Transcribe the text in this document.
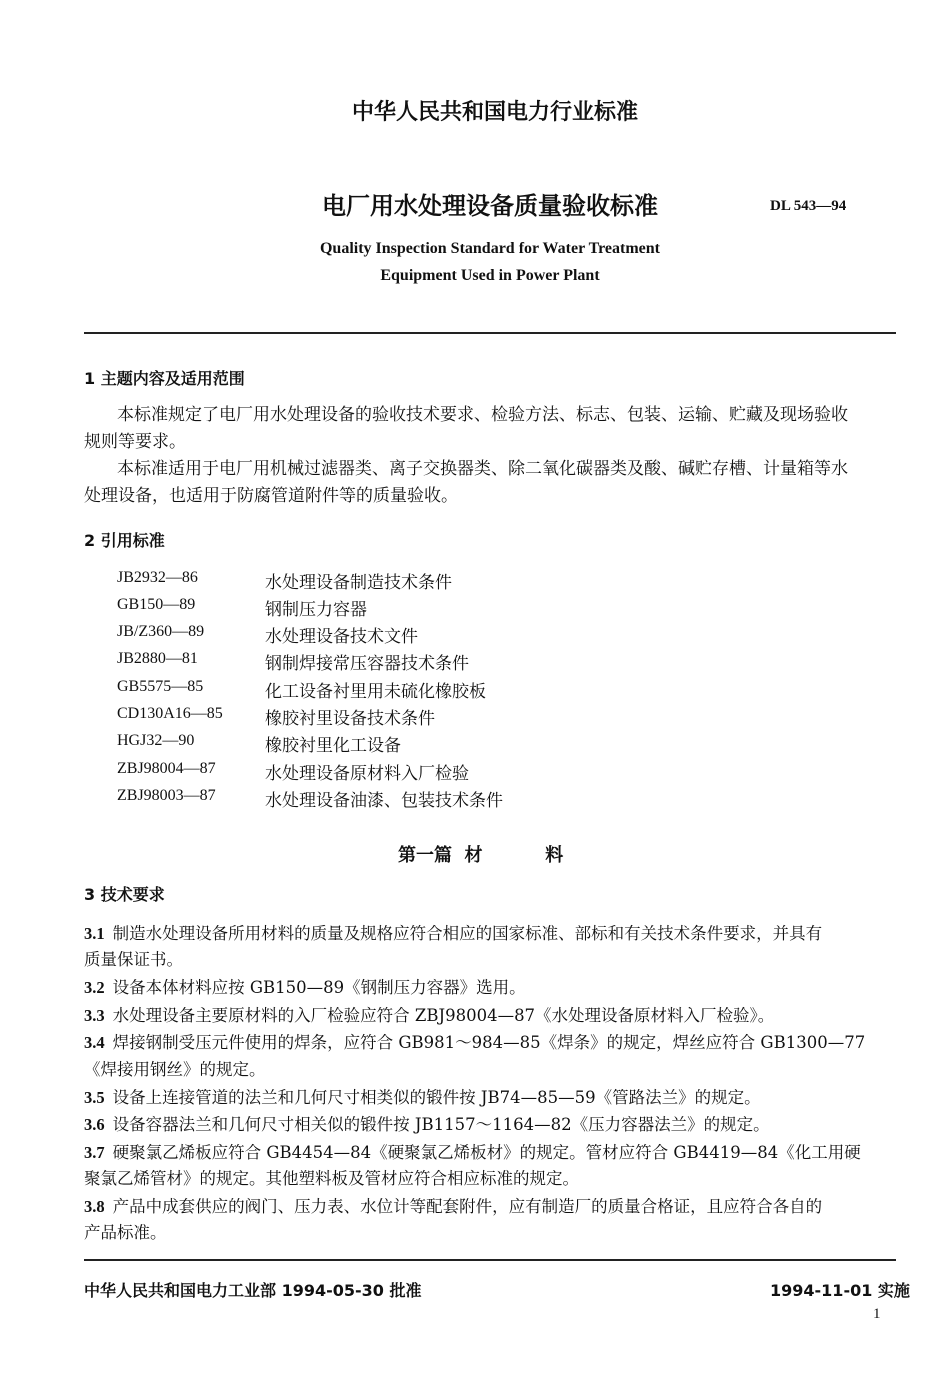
中华人民共和国电力行业标准
电厂用水处理设备质量验收标准	DL 543—94
Quality Inspection Standard for Water Treatment
Equipment Used in Power Plant
1 主题内容及适用范围
本标准规定了电厂用水处理设备的验收技术要求、检验方法、标志、包装、运输、贮藏及现场验收
规则等要求。
本标准适用于电厂用机械过滤器类、离子交换器类、除二氧化碳器类及酸、碱贮存槽、计量箱等水
处理设备，也适用于防腐管道附件等的质量验收。
2 引用标准
JB2932—86	水处理设备制造技术条件
GB150—89	钢制压力容器
JB/Z360—89	水处理设备技术文件
JB2880—81	钢制焊接常压容器技术条件
GB5575—85	化工设备衬里用未硫化橡胶板
CD130A16—85 橡胶衬里设备技术条件
HGJ32—90	橡胶衬里化工设备
ZBJ98004—87	水处理设备原材料入厂检验
ZBJ98003—87	水处理设备油漆、包装技术条件
第一篇  材          料
3 技术要求
3.1 制造水处理设备所用材料的质量及规格应符合相应的国家标准、部标和有关技术条件要求，并具有
质量保证书。
3.2 设备本体材料应按 GB150—89《钢制压力容器》选用。
3.3 水处理设备主要原材料的入厂检验应符合 ZBJ98004—87《水处理设备原材料入厂检验》。
3.4 焊接钢制受压元件使用的焊条，应符合 GB981～984—85《焊条》的规定，焊丝应符合 GB1300—77
《焊接用钢丝》的规定。
3.5 设备上连接管道的法兰和几何尺寸相类似的锻件按 JB74—85—59《管路法兰》的规定。
3.6 设备容器法兰和几何尺寸相关似的锻件按 JB1157～1164—82《压力容器法兰》的规定。
3.7 硬聚氯乙烯板应符合 GB4454—84《硬聚氯乙烯板材》的规定。管材应符合 GB4419—84《化工用硬
聚氯乙烯管材》的规定。其他塑料板及管材应符合相应标准的规定。
3.8 产品中成套供应的阀门、压力表、水位计等配套附件，应有制造厂的质量合格证，且应符合各自的
产品标准。
中华人民共和国电力工业部 1994-05-30 批准	1994-11-01 实施
1
